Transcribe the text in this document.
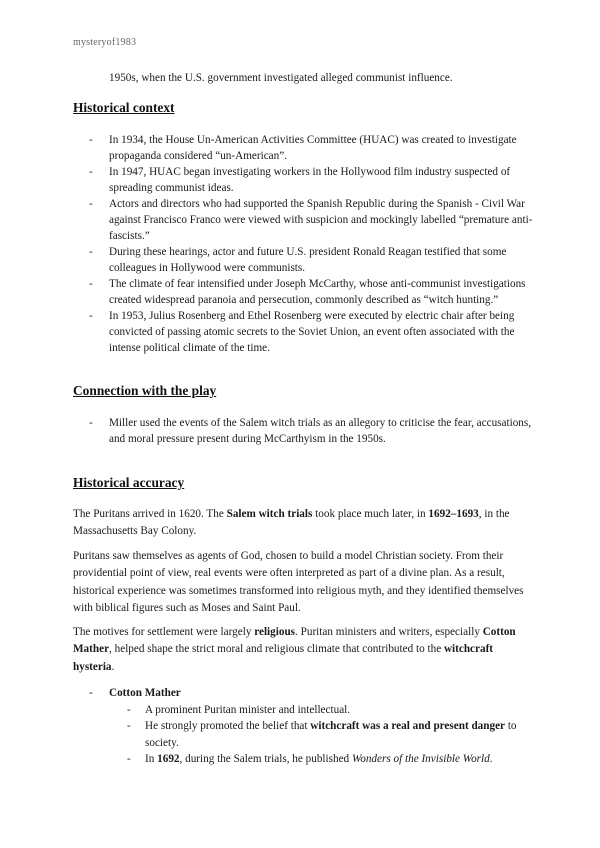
mysteryof1983
1950s, when the U.S. government investigated alleged communist influence.
Historical context
- In 1934, the House Un-American Activities Committee (HUAC) was created to investigate propaganda considered “un-American”.
- In 1947, HUAC began investigating workers in the Hollywood film industry suspected of spreading communist ideas.
- Actors and directors who had supported the Spanish Republic during the Spanish - Civil War against Francisco Franco were viewed with suspicion and mockingly labelled “premature anti-fascists.”
- During these hearings, actor and future U.S. president Ronald Reagan testified that some colleagues in Hollywood were communists.
- The climate of fear intensified under Joseph McCarthy, whose anti-communist investigations created widespread paranoia and persecution, commonly described as “witch hunting.”
- In 1953, Julius Rosenberg and Ethel Rosenberg were executed by electric chair after being convicted of passing atomic secrets to the Soviet Union, an event often associated with the intense political climate of the time.
Connection with the play
- Miller used the events of the Salem witch trials as an allegory to criticise the fear, accusations, and moral pressure present during McCarthyism in the 1950s.
Historical accuracy

The Puritans arrived in 1620. The Salem witch trials took place much later, in 1692–1693, in the Massachusetts Bay Colony.

Puritans saw themselves as agents of God, chosen to build a model Christian society. From their providential point of view, real events were often interpreted as part of a divine plan. As a result, historical experience was sometimes transformed into religious myth, and they identified themselves with biblical figures such as Moses and Saint Paul.

The motives for settlement were largely religious. Puritan ministers and writers, especially Cotton Mather, helped shape the strict moral and religious climate that contributed to the witchcraft hysteria.

- Cotton Mather
- A prominent Puritan minister and intellectual.
- He strongly promoted the belief that witchcraft was a real and present danger to society.
- In 1692, during the Salem trials, he published Wonders of the Invisible World.
